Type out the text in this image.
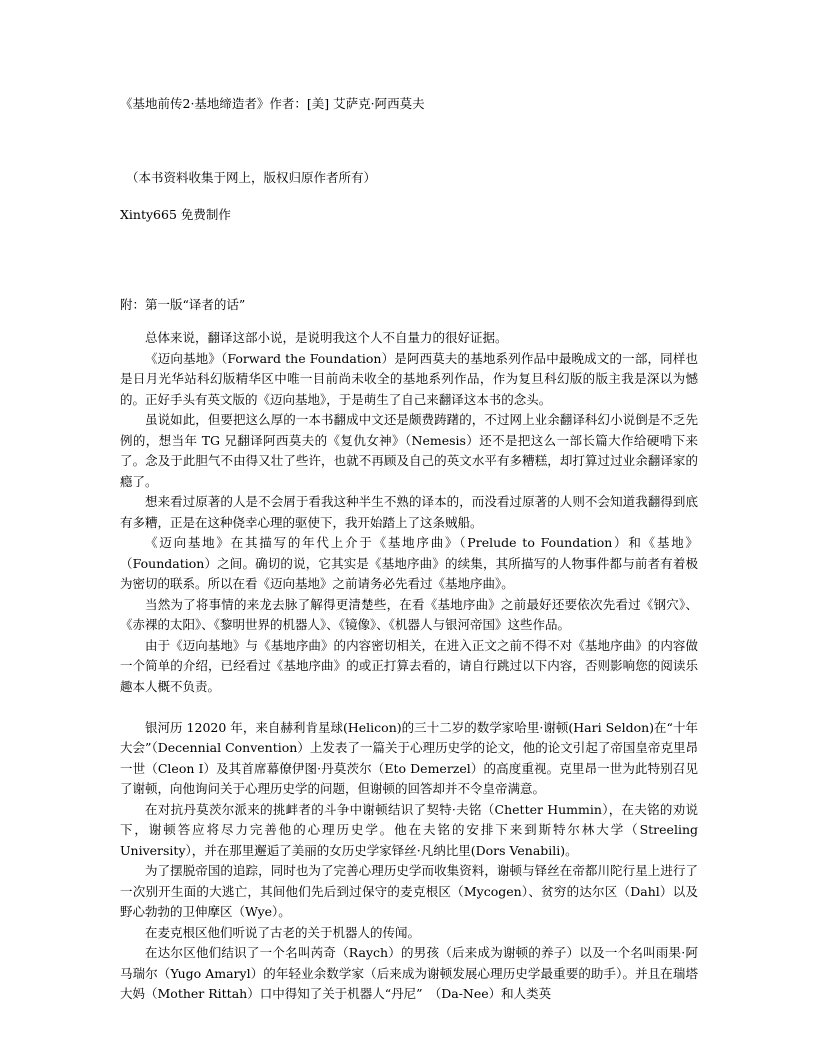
《基地前传2·基地缔造者》作者：[美] 艾萨克·阿西莫夫
（本书资料收集于网上，版权归原作者所有）
Xinty665 免费制作
附：第一版“译者的话”

总体来说，翻译这部小说，是说明我这个人不自量力的很好证据。

《迈向基地》（Forward the Foundation）是阿西莫夫的基地系列作品中最晚成文的一部，同样也是日月光华站科幻版精华区中唯一目前尚未收全的基地系列作品，作为复旦科幻版的版主我是深以为憾的。正好手头有英文版的《迈向基地》，于是萌生了自己来翻译这本书的念头。

虽说如此，但要把这么厚的一本书翻成中文还是颇费踌躇的，不过网上业余翻译科幻小说倒是不乏先例的，想当年 TG 兄翻译阿西莫夫的《复仇女神》（Nemesis）还不是把这么一部长篇大作给硬啃下来了。念及于此胆气不由得又壮了些许，也就不再顾及自己的英文水平有多糟糕，却打算过过业余翻译家的瘾了。

想来看过原著的人是不会屑于看我这种半生不熟的译本的，而没看过原著的人则不会知道我翻得到底有多糟，正是在这种侥幸心理的驱使下，我开始踏上了这条贼船。

《迈向基地》在其描写的年代上介于《基地序曲》（Prelude to Foundation）和《基地》（Foundation）之间。确切的说，它其实是《基地序曲》的续集，其所描写的人物事件都与前者有着极为密切的联系。所以在看《迈向基地》之前请务必先看过《基地序曲》。

当然为了将事情的来龙去脉了解得更清楚些，在看《基地序曲》之前最好还要依次先看过《钢穴》、《赤裸的太阳》、《黎明世界的机器人》、《镜像》、《机器人与银河帝国》这些作品。

由于《迈向基地》与《基地序曲》的内容密切相关，在进入正文之前不得不对《基地序曲》的内容做一个简单的介绍，已经看过《基地序曲》的或正打算去看的，请自行跳过以下内容，否则影响您的阅读乐趣本人概不负责。

银河历 12020 年，来自赫利肯星球(Helicon)的三十二岁的数学家哈里·谢顿(Hari Seldon)在“十年大会”（Decennial Convention）上发表了一篇关于心理历史学的论文，他的论文引起了帝国皇帝克里昂一世（Cleon I）及其首席幕僚伊图·丹莫茨尔（Eto Demerzel）的高度重视。克里昂一世为此特别召见了谢顿，向他询问关于心理历史学的问题，但谢顿的回答却并不令皇帝满意。

在对抗丹莫茨尔派来的挑衅者的斗争中谢顿结识了契特·夫铭（Chetter Hummin），在夫铭的劝说下，谢顿答应将尽力完善他的心理历史学。他在夫铭的安排下来到斯特尔林大学（Streeling University），并在那里邂逅了美丽的女历史学家铎丝·凡纳比里(Dors Venabili)。

为了摆脱帝国的追踪，同时也为了完善心理历史学而收集资料，谢顿与铎丝在帝都川陀行星上进行了一次别开生面的大逃亡，其间他们先后到过保守的麦克根区（Mycogen）、贫穷的达尔区（Dahl）以及野心勃勃的卫伸摩区（Wye）。

在麦克根区他们听说了古老的关于机器人的传闻。

在达尔区他们结识了一个名叫芮奇（Raych）的男孩（后来成为谢顿的养子）以及一个名叫雨果·阿马瑞尔（Yugo Amaryl）的年轻业余数学家（后来成为谢顿发展心理历史学最重要的助手）。并且在瑞塔大妈（Mother Rittah）口中得知了关于机器人“丹尼”　（Da-Nee）和人类英
